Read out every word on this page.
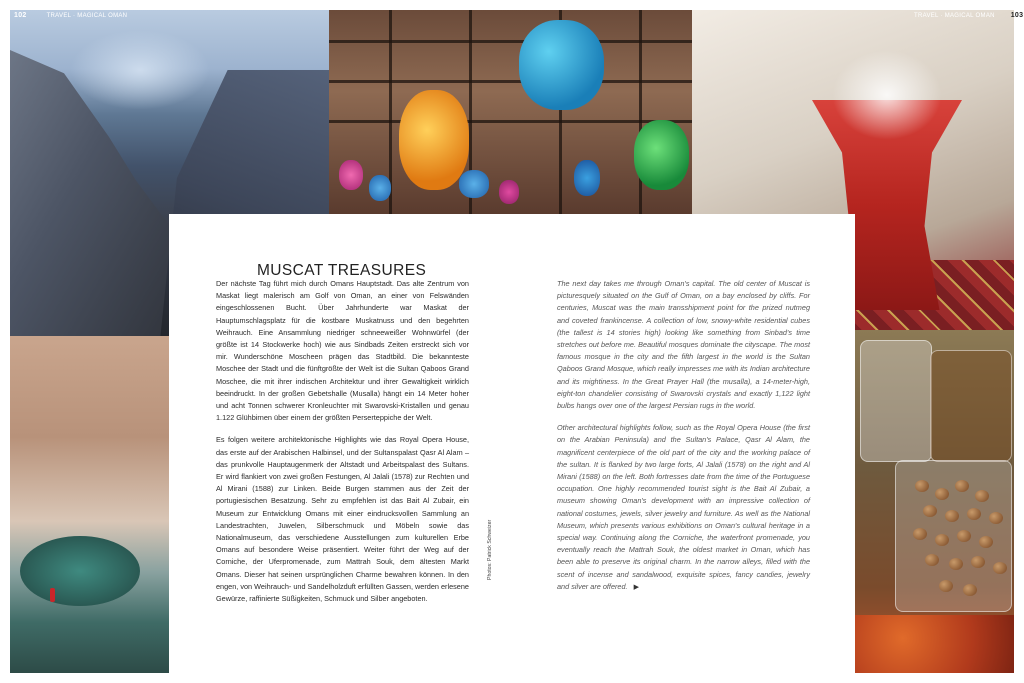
102	TRAVEL · MAGICAL OMAN	TRAVEL · MAGICAL OMAN 103
MUSCAT TREASURES

Der nächste Tag führt mich durch Omans Hauptstadt. Das alte Zentrum von Maskat liegt malerisch am Golf von Oman, an einer von Felswänden eingeschlossenen Bucht. Über Jahrhunderte war Maskat der Hauptumschlagsplatz für die kostbare Muskatnuss und den begehrten Weihrauch. Eine Ansammlung niedriger schneeweißer Wohnwürfel (der größte ist 14 Stockwerke hoch) wie aus Sindbads Zeiten erstreckt sich vor mir. Wunderschöne Moscheen prägen das Stadtbild. Die bekannteste Moschee der Stadt und die fünftgrößte der Welt ist die Sultan Qaboos Grand Moschee, die mit ihrer indischen Architektur und ihrer Gewaltigkeit wirklich beeindruckt. In der großen Gebetshalle (Musalla) hängt ein 14 Meter hoher und acht Tonnen schwerer Kronleuchter mit Swarovski-Kristallen und genau 1.122 Glühbirnen über einem der größten Perserteppiche der Welt.

Es folgen weitere architektonische Highlights wie das Royal Opera House, das erste auf der Arabischen Halbinsel, und der Sultanspalast Qasr Al Alam – das prunkvolle Hauptaugenmerk der Altstadt und Arbeitspalast des Sultans. Er wird flankiert von zwei großen Festungen, Al Jalali (1578) zur Rechten und Al Mirani (1588) zur Linken. Beide Burgen stammen aus der Zeit der portugiesischen Besatzung. Sehr zu empfehlen ist das Bait Al Zubair, ein Museum zur Entwicklung Omans mit einer eindrucksvollen Sammlung an Landestrachten, Juwelen, Silberschmuck und Möbeln sowie das Nationalmuseum, das verschiedene Ausstellungen zum kulturellen Erbe Omans auf besondere Weise präsentiert. Weiter führt der Weg auf der Corniche, der Uferpromenade, zum Mattrah Souk, dem ältesten Markt Omans. Dieser hat seinen ursprünglichen Charme bewahren können. In den engen, von Weihrauch- und Sandelholzduft erfüllten Gassen, werden erlesene Gewürze, raffinierte Süßigkeiten, Schmuck und Silber angeboten.

The next day takes me through Oman's capital. The old center of Muscat is picturesquely situated on the Gulf of Oman, on a bay enclosed by cliffs. For centuries, Muscat was the main transshipment point for the prized nutmeg and coveted frankincense. A collection of low, snowy-white residential cubes (the tallest is 14 stories high) looking like something from Sinbad's time stretches out before me. Beautiful mosques dominate the cityscape. The most famous mosque in the city and the fifth largest in the world is the Sultan Qaboos Grand Mosque, which really impresses me with its Indian architecture and its mightiness. In the Great Prayer Hall (the musalla), a 14-meter-high, eight-ton chandelier consisting of Swarovski crystals and exactly 1,122 light bulbs hangs over one of the largest Persian rugs in the world.

Other architectural highlights follow, such as the Royal Opera House (the first on the Arabian Peninsula) and the Sultan's Palace, Qasr Al Alam, the magnificent centerpiece of the old part of the city and the working palace of the sultan. It is flanked by two large forts, Al Jalali (1578) on the right and Al Mirani (1588) on the left. Both fortresses date from the time of the Portuguese occupation. One highly recommended tourist sight is the Bait Al Zubair, a museum showing Oman's development with an impressive collection of national costumes, jewels, silver jewelry and furniture. As well as the National Museum, which presents various exhibitions on Oman's cultural heritage in a special way. Continuing along the Corniche, the waterfront promenade, you eventually reach the Mattrah Souk, the oldest market in Oman, which has been able to preserve its original charm. In the narrow alleys, filled with the scent of incense and sandalwood, exquisite spices, fancy candies, jewelry and silver are offered. ▶

Photos: Patrick Schweizer
